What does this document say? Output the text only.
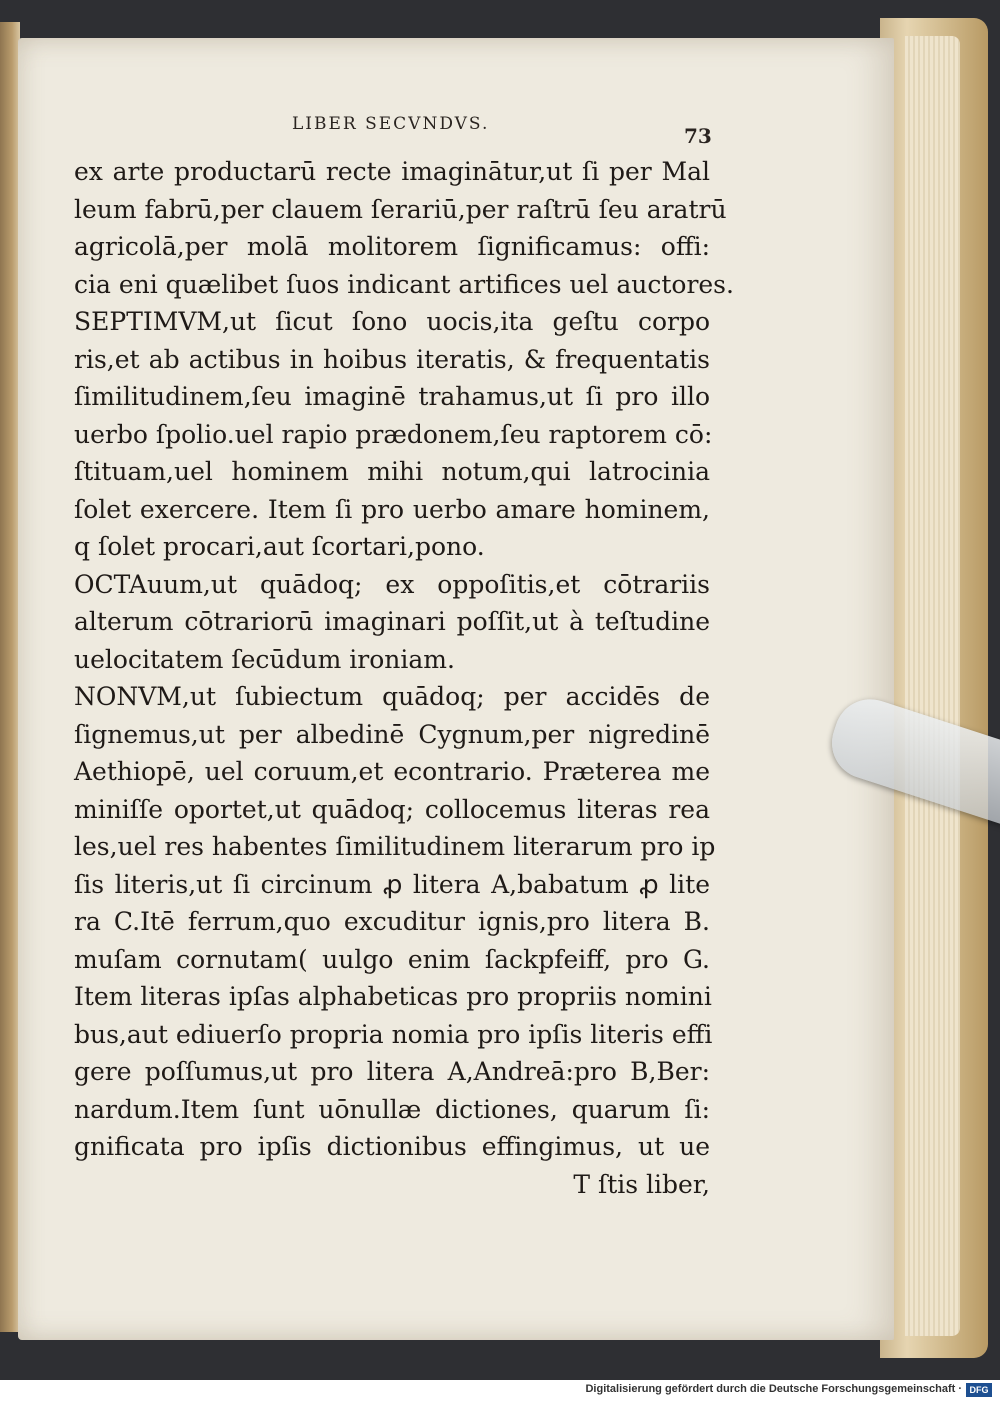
LIBER SECVNDVS.	73
ex arte productarū recte imaginātur,ut ſi per Mal
leum fabrū,per clauem ſerariū,per raſtrū ſeu aratrū
agricolā,per molā molitorem ſignificamus: offi:
cia eni quælibet ſuos indicant artifices uel auctores.
SEPTIMVM,ut ſicut ſono uocis,ita geſtu corpo
ris,et ab actibus in hoibus iteratis, & frequentatis
ſimilitudinem,ſeu imaginē trahamus,ut ſi pro illo
uerbo ſpolio.uel rapio prædonem,ſeu raptorem cō:
ſtituam,uel hominem mihi notum,qui latrocinia
ſolet exercere. Item ſi pro uerbo amare hominem,
q ſolet procari,aut ſcortari,pono.
OCTAuum,ut quādoq; ex oppoſitis,et cōtrariis
alterum cōtrariorū imaginari poſſit,ut à teſtudine
uelocitatem ſecūdum ironiam.
NONVM,ut ſubiectum quādoq; per accidēs de
ſignemus,ut per albedinē Cygnum,per nigredinē
Aethiopē, uel coruum,et econtrario. Præterea me
miniſſe oportet,ut quādoq; collocemus literas rea
les,uel res habentes ſimilitudinem literarum pro ip
ſis literis,ut ſi circinum ꝓ litera A,babatum ꝓ lite
ra C.Itē ferrum,quo excuditur ignis,pro litera B.
muſam cornutam( uulgo enim ſackpfeiff, pro G.
Item literas ipſas alphabeticas pro propriis nomini
bus,aut ediuerſo propria nomia pro ipſis literis effi
gere poſſumus,ut pro litera A,Andreā:pro B,Ber:
nardum.Item ſunt uōnullæ dictiones, quarum ſi:
gnificata pro ipſis dictionibus effingimus, ut ue
T ſtis liber,
Digitalisierung gefördert durch die Deutsche Forschungsgemeinschaft · DFG
